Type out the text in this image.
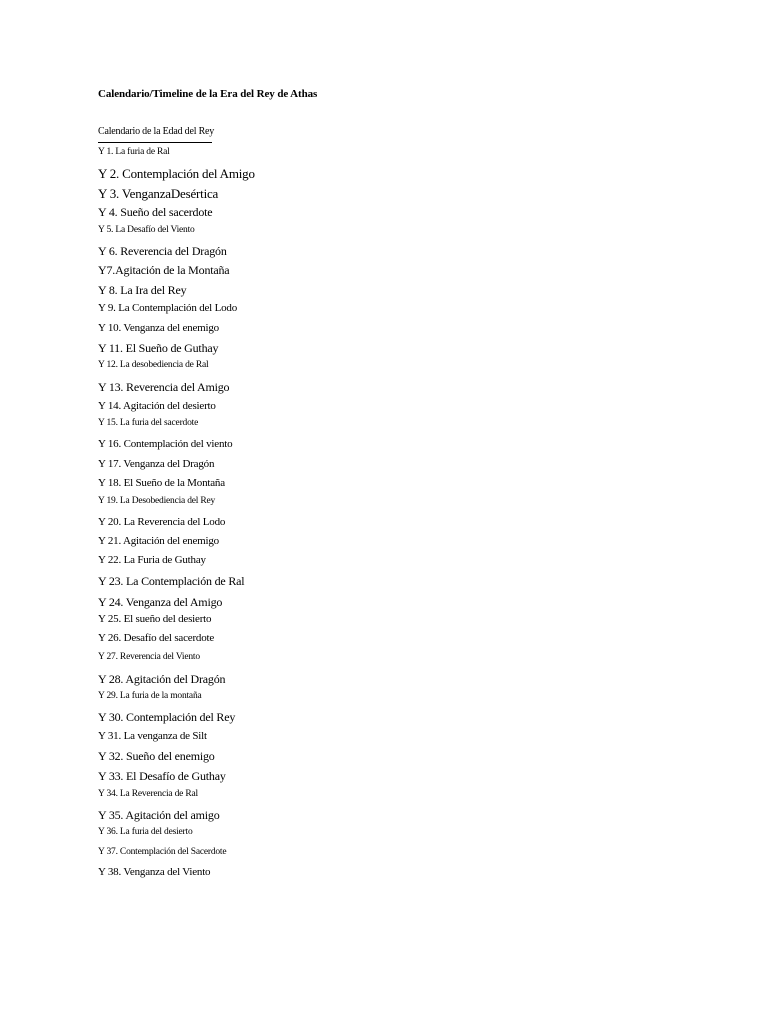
Calendario/Timeline de la Era del Rey de Athas
Calendario de la Edad del Rey
Y 1. La furia de Ral
Y 2. Contemplación del Amigo
Y 3. VenganzaDesértica
Y 4. Sueño del sacerdote
Y 5. La Desafío del Viento
Y 6. Reverencia del Dragón
Y7.Agitación de la Montaña
Y 8. La Ira del Rey
Y 9. La Contemplación del Lodo
Y 10. Venganza del enemigo
Y 11. El Sueño de Guthay
Y 12. La desobediencia de Ral
Y 13. Reverencia del Amigo
Y 14. Agitación del desierto
Y 15. La furia del sacerdote
Y 16. Contemplación del viento
Y 17. Venganza del Dragón
Y 18. El Sueño de la Montaña
Y 19. La Desobediencia del Rey
Y 20. La Reverencia del Lodo
Y 21. Agitación del enemigo
Y 22. La Furia de Guthay
Y 23. La Contemplación de Ral
Y 24. Venganza del Amigo
Y 25. El sueño del desierto
Y 26. Desafío del sacerdote
Y 27. Reverencia del Viento
Y 28. Agitación del Dragón
Y 29. La furia de la montaña
Y 30. Contemplación del Rey
Y 31. La venganza de Silt
Y 32. Sueño del enemigo
Y 33. El Desafío de Guthay
Y 34. La Reverencia de Ral
Y 35. Agitación del amigo
Y 36. La furia del desierto
Y 37. Contemplación del Sacerdote
Y 38. Venganza del Viento
